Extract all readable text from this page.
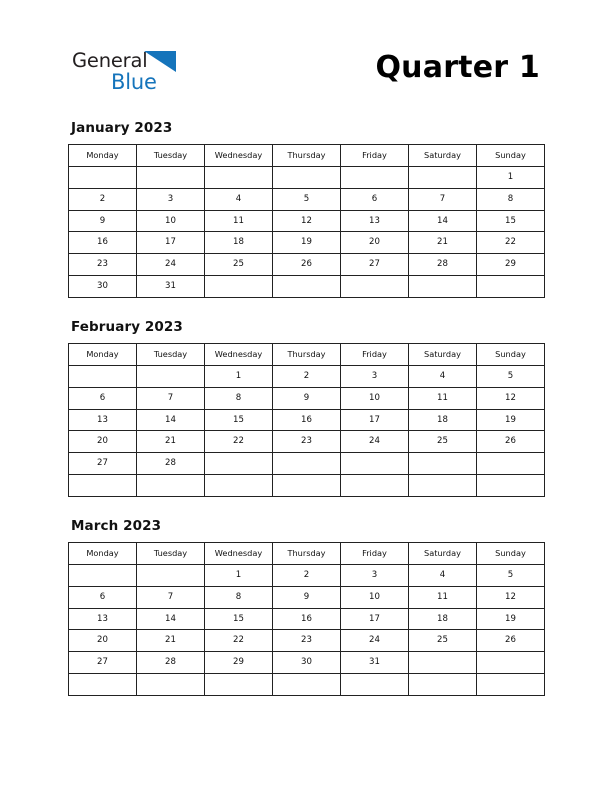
General
Blue	Quarter 1
January 2023
Monday	Tuesday	Wednesday	Thursday	Friday	Saturday	Sunday
						1
2	3	4	5	6	7	8
9	10	11	12	13	14	15
16	17	18	19	20	21	22
23	24	25	26	27	28	29
30	31					
February 2023
Monday	Tuesday	Wednesday	Thursday	Friday	Saturday	Sunday
		1	2	3	4	5
6	7	8	9	10	11	12
13	14	15	16	17	18	19
20	21	22	23	24	25	26
27	28					

March 2023
Monday	Tuesday	Wednesday	Thursday	Friday	Saturday	Sunday
		1	2	3	4	5
6	7	8	9	10	11	12
13	14	15	16	17	18	19
20	21	22	23	24	25	26
27	28	29	30	31		
